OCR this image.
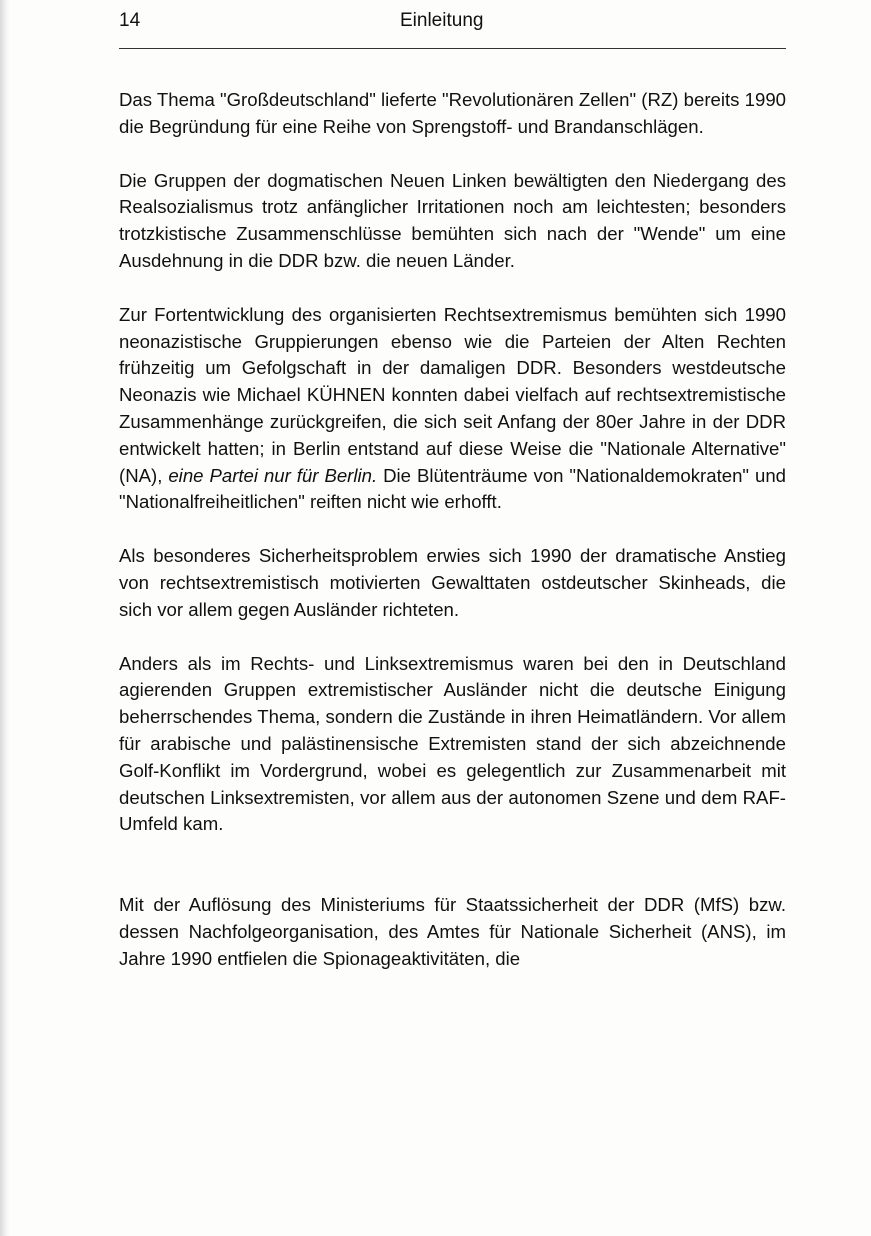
14	Einleitung

Das Thema "Großdeutschland" lieferte "Revolutionären Zellen" (RZ) bereits 1990 die Begründung für eine Reihe von Sprengstoff- und Brandanschlägen.

Die Gruppen der dogmatischen Neuen Linken bewältigten den Niedergang des Realsozialismus trotz anfänglicher Irritationen noch am leichtesten; besonders trotzkistische Zusammenschlüsse bemühten sich nach der "Wende" um eine Ausdehnung in die DDR bzw. die neuen Länder.

Zur Fortentwicklung des organisierten Rechtsextremismus bemühten sich 1990 neonazistische Gruppierungen ebenso wie die Parteien der Alten Rechten frühzeitig um Gefolgschaft in der damaligen DDR. Besonders westdeutsche Neonazis wie Michael KÜHNEN konnten dabei vielfach auf rechtsextremistische Zusammenhänge zurückgreifen, die sich seit Anfang der 80er Jahre in der DDR entwickelt hatten; in Berlin entstand auf diese Weise die "Nationale Alternative" (NA), eine Partei nur für Berlin. Die Blütenträume von "Nationaldemokraten" und "Nationalfreiheitlichen" reiften nicht wie erhofft.

Als besonderes Sicherheitsproblem erwies sich 1990 der dramatische Anstieg von rechtsextremistisch motivierten Gewalttaten ostdeutscher Skinheads, die sich vor allem gegen Ausländer richteten.

Anders als im Rechts- und Linksextremismus waren bei den in Deutschland agierenden Gruppen extremistischer Ausländer nicht die deutsche Einigung beherrschendes Thema, sondern die Zustände in ihren Heimatländern. Vor allem für arabische und palästinensische Extremisten stand der sich abzeichnende Golf-Konflikt im Vordergrund, wobei es gelegentlich zur Zusammenarbeit mit deutschen Linksextremisten, vor allem aus der autonomen Szene und dem RAF-Umfeld kam.

Mit der Auflösung des Ministeriums für Staatssicherheit der DDR (MfS) bzw. dessen Nachfolgeorganisation, des Amtes für Nationale Sicherheit (ANS), im Jahre 1990 entfielen die Spionageaktivitäten, die
